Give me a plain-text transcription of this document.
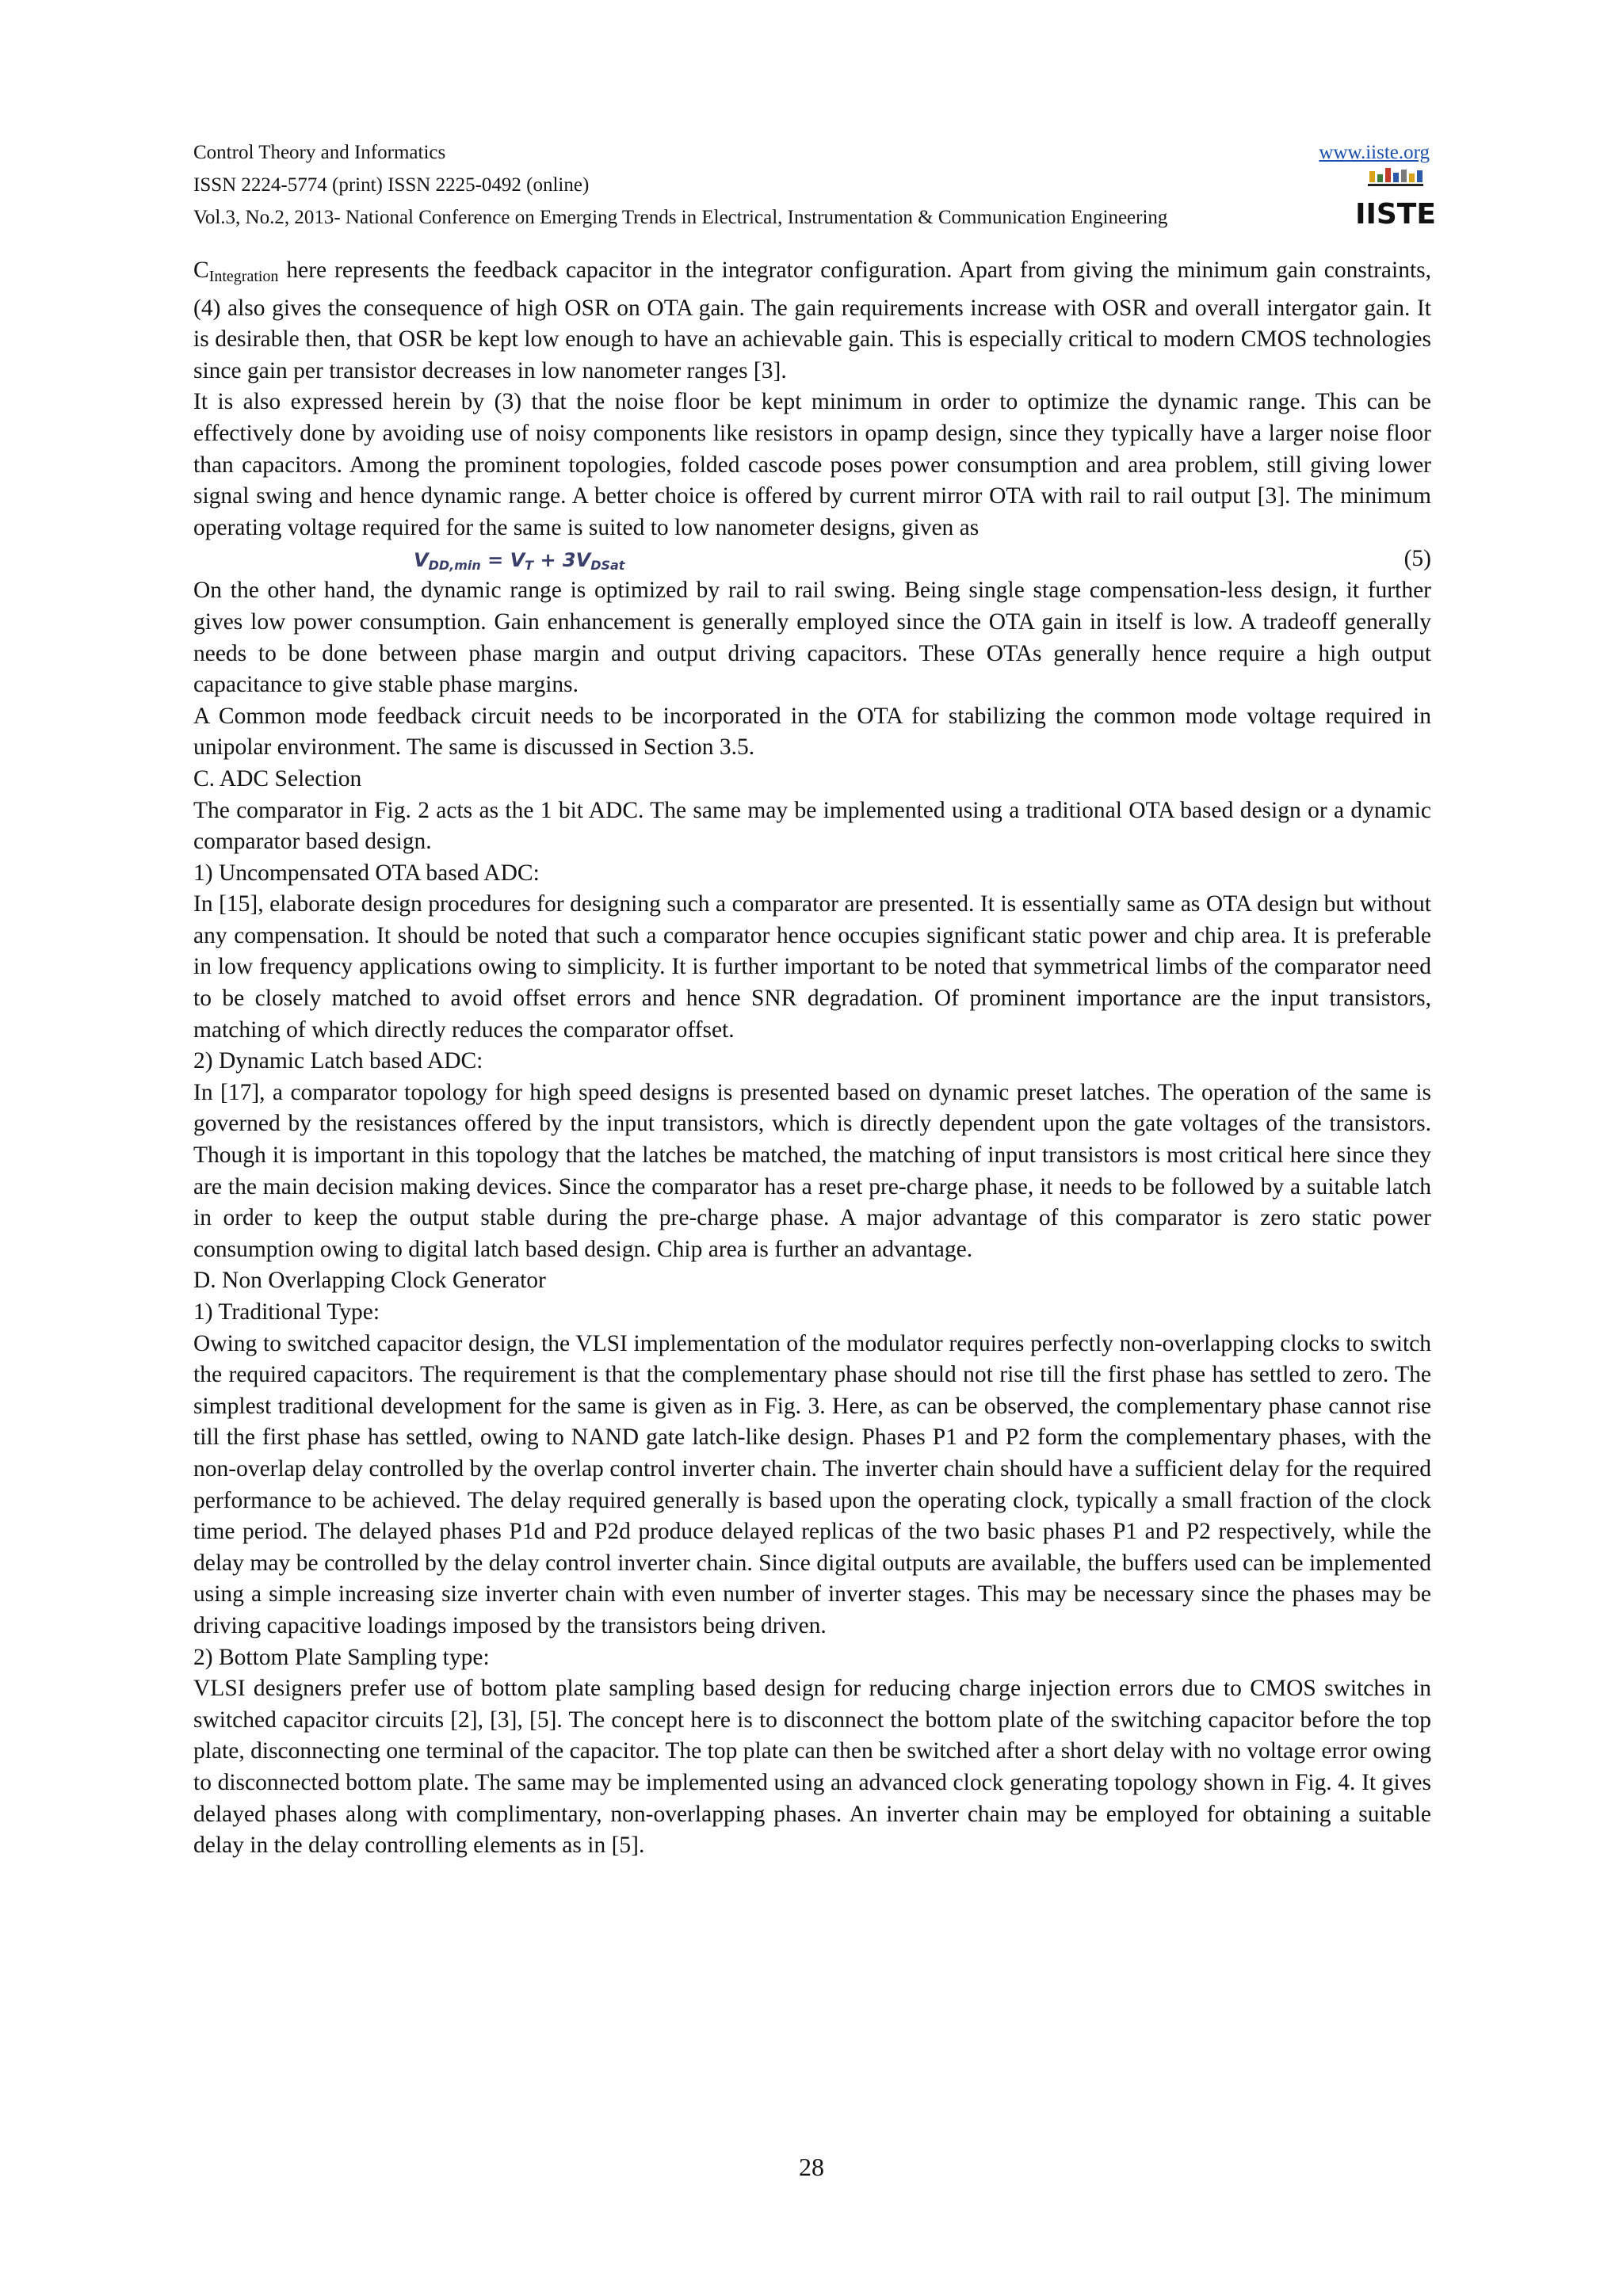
Control Theory and Informatics
ISSN 2224-5774 (print) ISSN 2225-0492 (online)
Vol.3, No.2, 2013- National Conference on Emerging Trends in Electrical, Instrumentation & Communication Engineering
www.iiste.org
IISTE

$C_{Integration}$ here represents the feedback capacitor in the integrator configuration. Apart from giving the minimum gain constraints, (4) also gives the consequence of high OSR on OTA gain. The gain requirements increase with OSR and overall intergator gain. It is desirable then, that OSR be kept low enough to have an achievable gain. This is especially critical to modern CMOS technologies since gain per transistor decreases in low nanometer ranges [3].

It is also expressed herein by (3) that the noise floor be kept minimum in order to optimize the dynamic range. This can be effectively done by avoiding use of noisy components like resistors in opamp design, since they typically have a larger noise floor than capacitors. Among the prominent topologies, folded cascode poses power consumption and area problem, still giving lower signal swing and hence dynamic range. A better choice is offered by current mirror OTA with rail to rail output [3]. The minimum operating voltage required for the same is suited to low nanometer designs, given as

VDD,min = VT + 3VDSat	(5)

On the other hand, the dynamic range is optimized by rail to rail swing. Being single stage compensation-less design, it further gives low power consumption. Gain enhancement is generally employed since the OTA gain in itself is low. A tradeoff generally needs to be done between phase margin and output driving capacitors. These OTAs generally hence require a high output capacitance to give stable phase margins.

A Common mode feedback circuit needs to be incorporated in the OTA for stabilizing the common mode voltage required in unipolar environment. The same is discussed in Section 3.5.

C. ADC Selection

The comparator in Fig. 2 acts as the 1 bit ADC. The same may be implemented using a traditional OTA based design or a dynamic comparator based design.

1) Uncompensated OTA based ADC:

In [15], elaborate design procedures for designing such a comparator are presented. It is essentially same as OTA design but without any compensation. It should be noted that such a comparator hence occupies significant static power and chip area. It is preferable in low frequency applications owing to simplicity. It is further important to be noted that symmetrical limbs of the comparator need to be closely matched to avoid offset errors and hence SNR degradation. Of prominent importance are the input transistors, matching of which directly reduces the comparator offset.

2) Dynamic Latch based ADC:

In [17], a comparator topology for high speed designs is presented based on dynamic preset latches. The operation of the same is governed by the resistances offered by the input transistors, which is directly dependent upon the gate voltages of the transistors. Though it is important in this topology that the latches be matched, the matching of input transistors is most critical here since they are the main decision making devices. Since the comparator has a reset pre-charge phase, it needs to be followed by a suitable latch in order to keep the output stable during the pre-charge phase. A major advantage of this comparator is zero static power consumption owing to digital latch based design. Chip area is further an advantage.

D. Non Overlapping Clock Generator

1) Traditional Type:

Owing to switched capacitor design, the VLSI implementation of the modulator requires perfectly non-overlapping clocks to switch the required capacitors. The requirement is that the complementary phase should not rise till the first phase has settled to zero. The simplest traditional development for the same is given as in Fig. 3. Here, as can be observed, the complementary phase cannot rise till the first phase has settled, owing to NAND gate latch-like design. Phases P1 and P2 form the complementary phases, with the non-overlap delay controlled by the overlap control inverter chain. The inverter chain should have a sufficient delay for the required performance to be achieved. The delay required generally is based upon the operating clock, typically a small fraction of the clock time period. The delayed phases P1d and P2d produce delayed replicas of the two basic phases P1 and P2 respectively, while the delay may be controlled by the delay control inverter chain. Since digital outputs are available, the buffers used can be implemented using a simple increasing size inverter chain with even number of inverter stages. This may be necessary since the phases may be driving capacitive loadings imposed by the transistors being driven.

2) Bottom Plate Sampling type:

VLSI designers prefer use of bottom plate sampling based design for reducing charge injection errors due to CMOS switches in switched capacitor circuits [2], [3], [5]. The concept here is to disconnect the bottom plate of the switching capacitor before the top plate, disconnecting one terminal of the capacitor. The top plate can then be switched after a short delay with no voltage error owing to disconnected bottom plate. The same may be implemented using an advanced clock generating topology shown in Fig. 4. It gives delayed phases along with complimentary, non-overlapping phases. An inverter chain may be employed for obtaining a suitable delay in the delay controlling elements as in [5].

28
